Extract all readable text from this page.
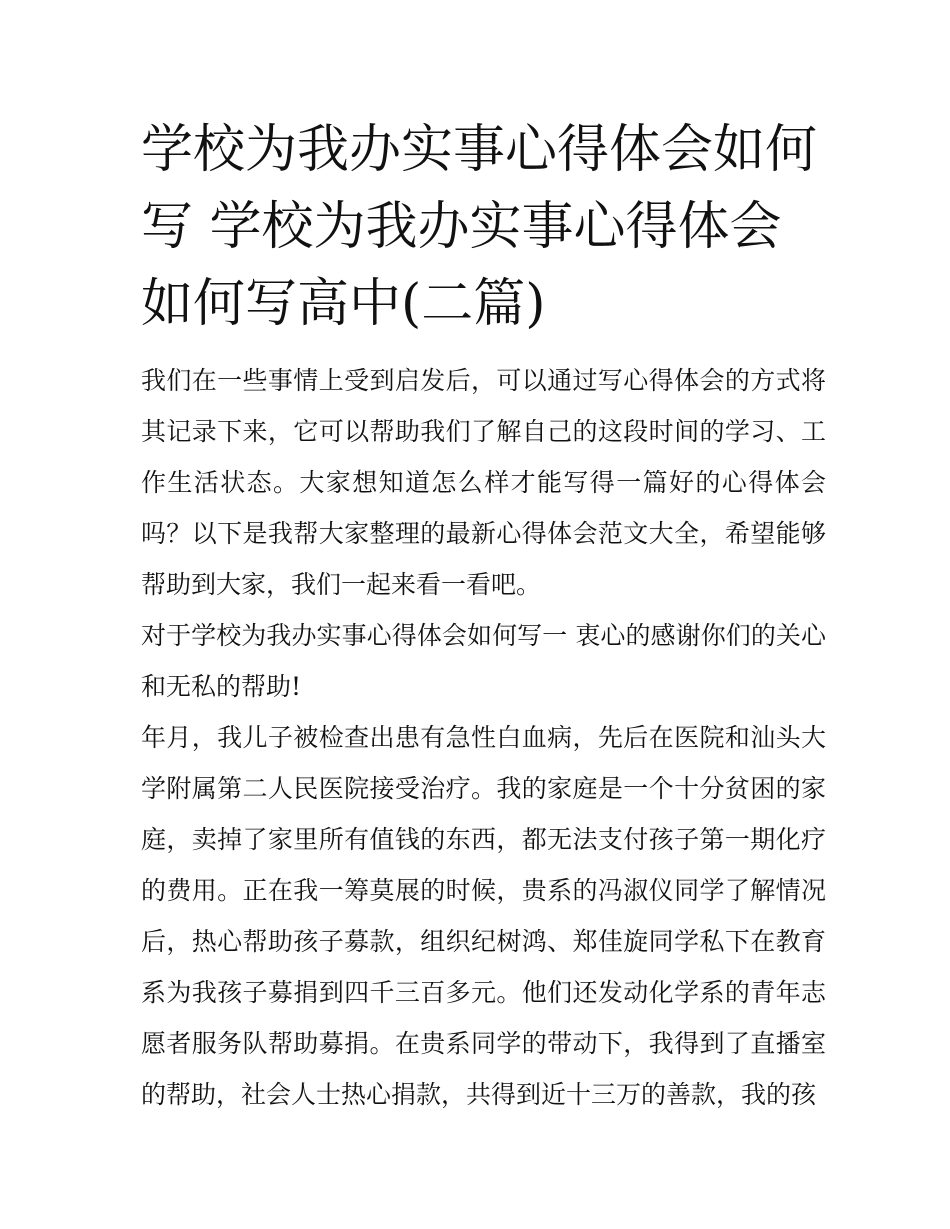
学校为我办实事心得体会如何写 学校为我办实事心得体会如何写高中(二篇)

我们在一些事情上受到启发后，可以通过写心得体会的方式将其记录下来，它可以帮助我们了解自己的这段时间的学习、工作生活状态。大家想知道怎么样才能写得一篇好的心得体会吗？以下是我帮大家整理的最新心得体会范文大全，希望能够帮助到大家，我们一起来看一看吧。

对于学校为我办实事心得体会如何写一 衷心的感谢你们的关心和无私的帮助!

年月，我儿子被检查出患有急性白血病，先后在医院和汕头大学附属第二人民医院接受治疗。我的家庭是一个十分贫困的家庭，卖掉了家里所有值钱的东西，都无法支付孩子第一期化疗的费用。正在我一筹莫展的时候，贵系的冯淑仪同学了解情况后，热心帮助孩子募款，组织纪树鸿、郑佳旋同学私下在教育系为我孩子募捐到四千三百多元。他们还发动化学系的青年志愿者服务队帮助募捐。在贵系同学的带动下，我得到了直播室的帮助，社会人士热心捐款，共得到近十三万的善款，我的孩
